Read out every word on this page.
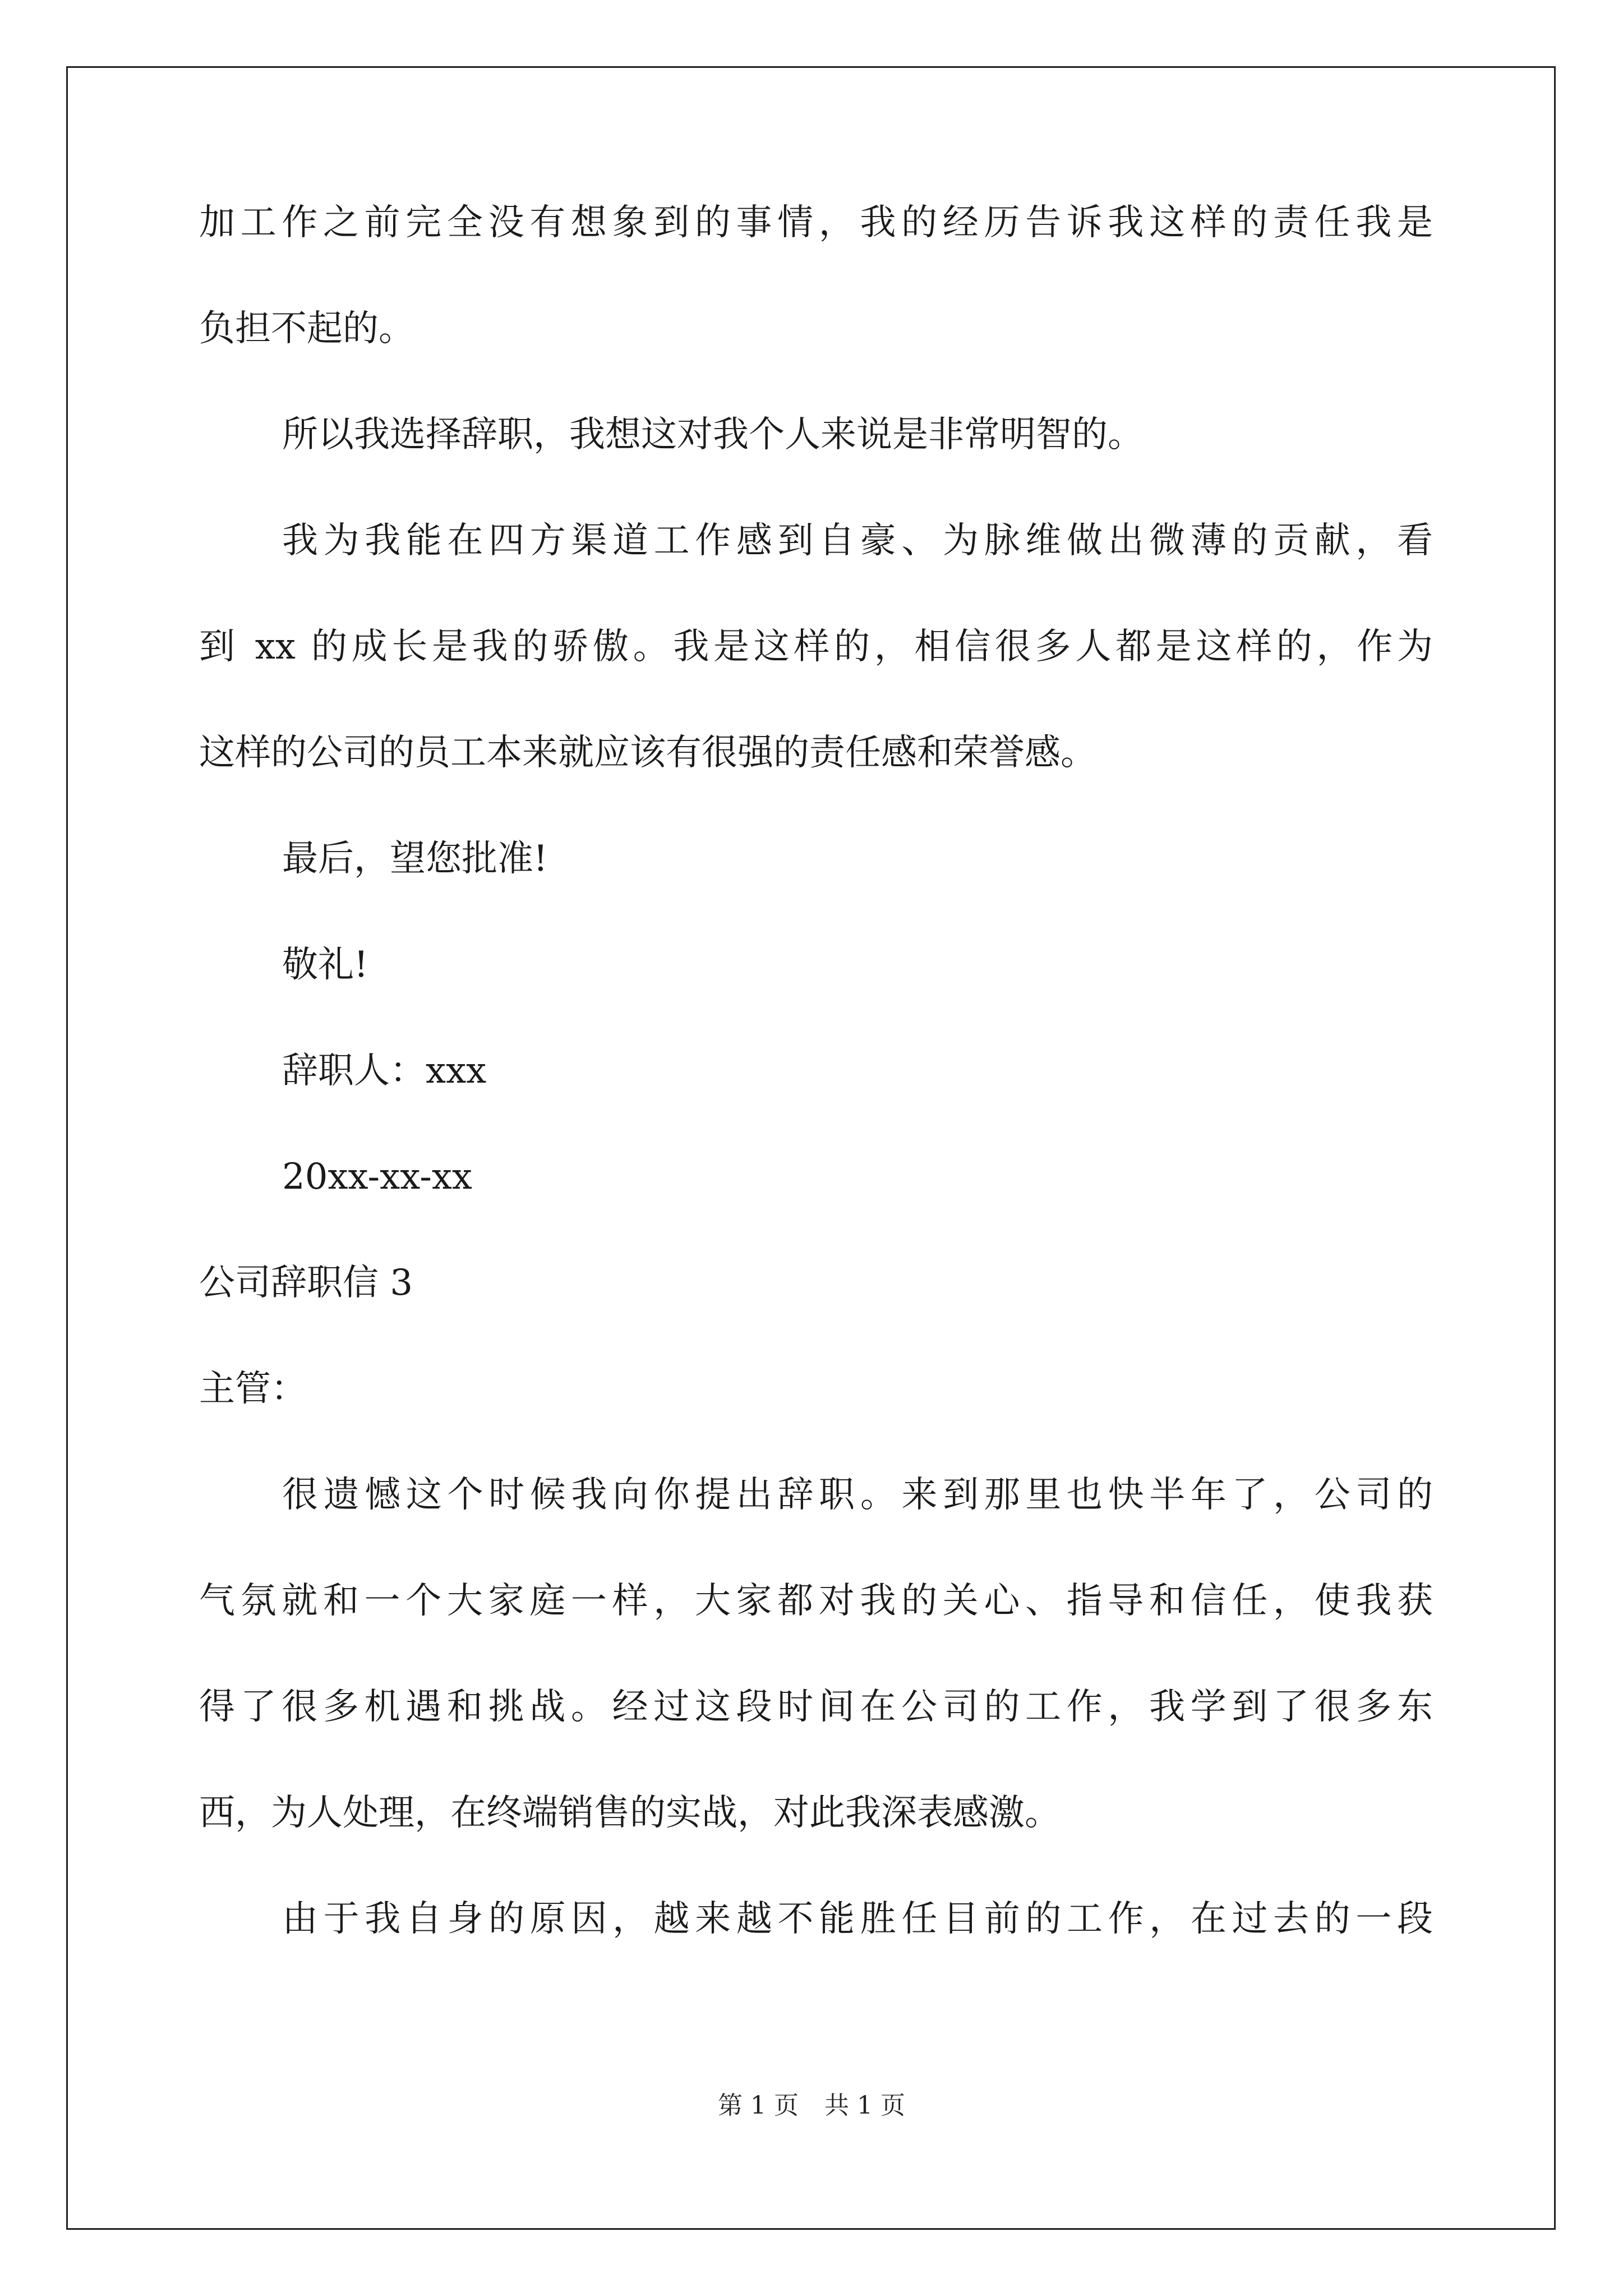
加工作之前完全没有想象到的事情，我的经历告诉我这样的责任我是
负担不起的。
所以我选择辞职，我想这对我个人来说是非常明智的。
我为我能在四方渠道工作感到自豪、为脉维做出微薄的贡献，看
到 xx 的成长是我的骄傲。我是这样的，相信很多人都是这样的，作为
这样的公司的员工本来就应该有很强的责任感和荣誉感。
最后，望您批准!
敬礼!
辞职人：xxx
20xx-xx-xx
公司辞职信 3
主管：
很遗憾这个时候我向你提出辞职。来到那里也快半年了，公司的
气氛就和一个大家庭一样，大家都对我的关心、指导和信任，使我获
得了很多机遇和挑战。经过这段时间在公司的工作，我学到了很多东
西，为人处理，在终端销售的实战，对此我深表感激。
由于我自身的原因，越来越不能胜任目前的工作，在过去的一段
第 1 页 共 1 页
